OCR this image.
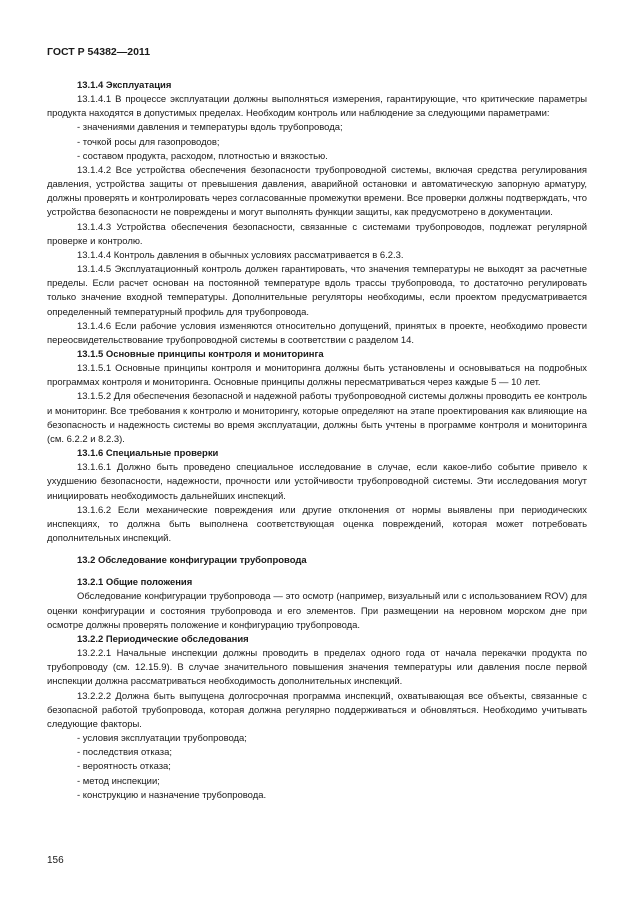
ГОСТ Р 54382—2011
13.1.4 Эксплуатация
13.1.4.1 В процессе эксплуатации должны выполняться измерения, гарантирующие, что критические параметры продукта находятся в допустимых пределах. Необходим контроль или наблюдение за следующими параметрами:
- значениями давления и температуры вдоль трубопровода;
- точкой росы для газопроводов;
- составом продукта, расходом, плотностью и вязкостью.
13.1.4.2 Все устройства обеспечения безопасности трубопроводной системы, включая средства регулирования давления, устройства защиты от превышения давления, аварийной остановки и автоматическую запорную арматуру, должны проверять и контролировать через согласованные промежутки времени. Все проверки должны подтверждать, что устройства безопасности не повреждены и могут выполнять функции защиты, как предусмотрено в документации.
13.1.4.3 Устройства обеспечения безопасности, связанные с системами трубопроводов, подлежат регулярной проверке и контролю.
13.1.4.4 Контроль давления в обычных условиях рассматривается в 6.2.3.
13.1.4.5 Эксплуатационный контроль должен гарантировать, что значения температуры не выходят за расчетные пределы. Если расчет основан на постоянной температуре вдоль трассы трубопровода, то достаточно регулировать только значение входной температуры. Дополнительные регуляторы необходимы, если проектом предусматривается определенный температурный профиль для трубопровода.
13.1.4.6 Если рабочие условия изменяются относительно допущений, принятых в проекте, необходимо провести переосвидетельствование трубопроводной системы в соответствии с разделом 14.
13.1.5 Основные принципы контроля и мониторинга
13.1.5.1 Основные принципы контроля и мониторинга должны быть установлены и основываться на подробных программах контроля и мониторинга. Основные принципы должны пересматриваться через каждые 5 — 10 лет.
13.1.5.2 Для обеспечения безопасной и надежной работы трубопроводной системы должны проводить ее контроль и мониторинг. Все требования к контролю и мониторингу, которые определяют на этапе проектирования как влияющие на безопасность и надежность системы во время эксплуатации, должны быть учтены в программе контроля и мониторинга (см. 6.2.2 и 8.2.3).
13.1.6 Специальные проверки
13.1.6.1 Должно быть проведено специальное исследование в случае, если какое-либо событие привело к ухудшению безопасности, надежности, прочности или устойчивости трубопроводной системы. Эти исследования могут инициировать необходимость дальнейших инспекций.
13.1.6.2 Если механические повреждения или другие отклонения от нормы выявлены при периодических инспекциях, то должна быть выполнена соответствующая оценка повреждений, которая может потребовать дополнительных инспекций.
13.2 Обследование конфигурации трубопровода
13.2.1 Общие положения
Обследование конфигурации трубопровода — это осмотр (например, визуальный или с использованием ROV) для оценки конфигурации и состояния трубопровода и его элементов. При размещении на неровном морском дне при осмотре должны проверять положение и конфигурацию трубопровода.
13.2.2 Периодические обследования
13.2.2.1 Начальные инспекции должны проводить в пределах одного года от начала перекачки продукта по трубопроводу (см. 12.15.9). В случае значительного повышения значения температуры или давления после первой инспекции должна рассматриваться необходимость дополнительных инспекций.
13.2.2.2 Должна быть выпущена долгосрочная программа инспекций, охватывающая все объекты, связанные с безопасной работой трубопровода, которая должна регулярно поддерживаться и обновляться. Необходимо учитывать следующие факторы.
- условия эксплуатации трубопровода;
- последствия отказа;
- вероятность отказа;
- метод инспекции;
- конструкцию и назначение трубопровода.
156
